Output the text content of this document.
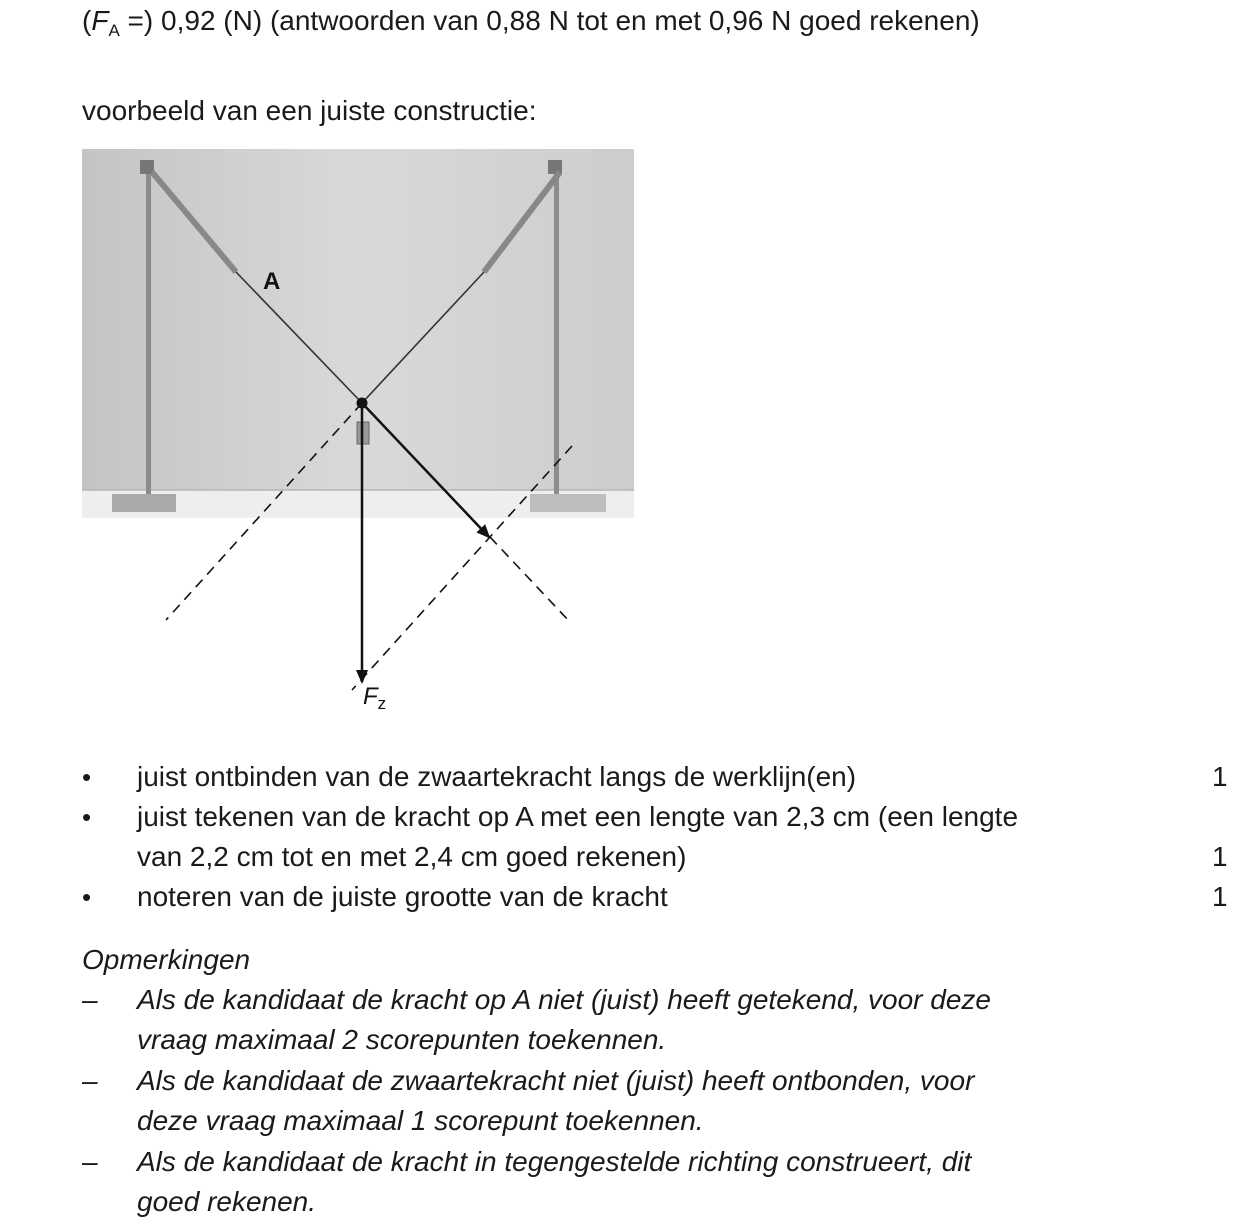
($F_A$ =) 0,92 (N) (antwoorden van 0,88 N tot en met 0,96 N goed rekenen)
voorbeeld van een juiste constructie:
A
$F_z$
• juist ontbinden van de zwaartekracht langs de werklijn(en)	1
• juist tekenen van de kracht op A met een lengte van 2,3 cm (een lengte
van 2,2 cm tot en met 2,4 cm goed rekenen)	1
• noteren van de juiste grootte van de kracht	1
Opmerkingen
– Als de kandidaat de kracht op A niet (juist) heeft getekend, voor deze
vraag maximaal 2 scorepunten toekennen.
– Als de kandidaat de zwaartekracht niet (juist) heeft ontbonden, voor
deze vraag maximaal 1 scorepunt toekennen.
– Als de kandidaat de kracht in tegengestelde richting construeert, dit
goed rekenen.
